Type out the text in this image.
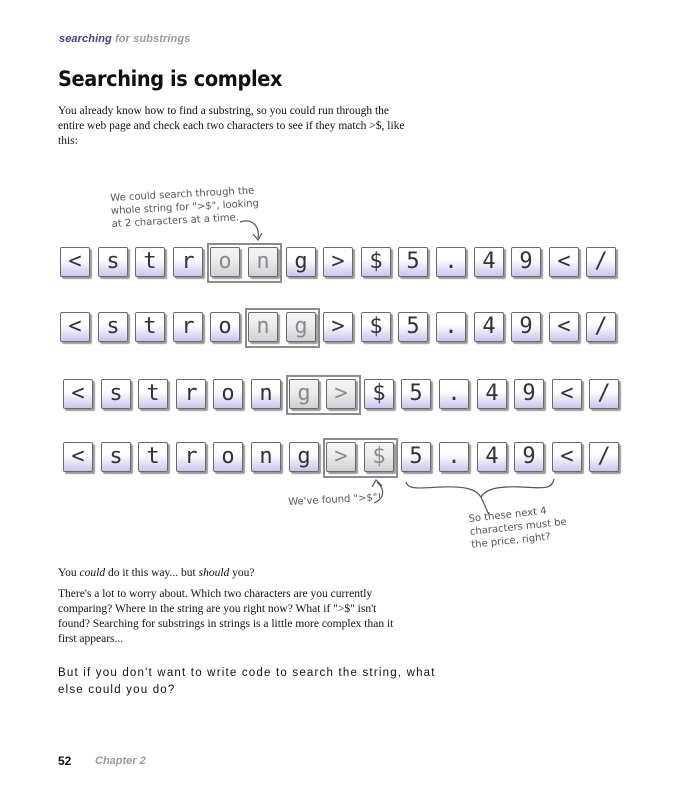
searching for substrings
Searching is complex

You already know how to find a substring, so you could run through the entire web page and check each two characters to see if they match >$, like this:

<	s	t	r	o	n	g	>	$	5	.	4	9	<	/
<	s	t	r	o	n	g	>	$	5	.	4	9	<	/
<	s	t	r	o	n	g	>	$	5	.	4	9	<	/
<	s	t	r	o	n	g	>	$	5	.	4	9	<	/

We could search through the whole string for ">$", looking at 2 characters at a time.

We've found ">$"!

So these next 4 characters must be the price, right?

You could do it this way... but should you?

There's a lot to worry about. Which two characters are you currently comparing? Where in the string are you right now? What if ">$" isn't found? Searching for substrings in strings is a little more complex than it first appears...

But if you don't want to write code to search the string, what else could you do?

52 Chapter 2
